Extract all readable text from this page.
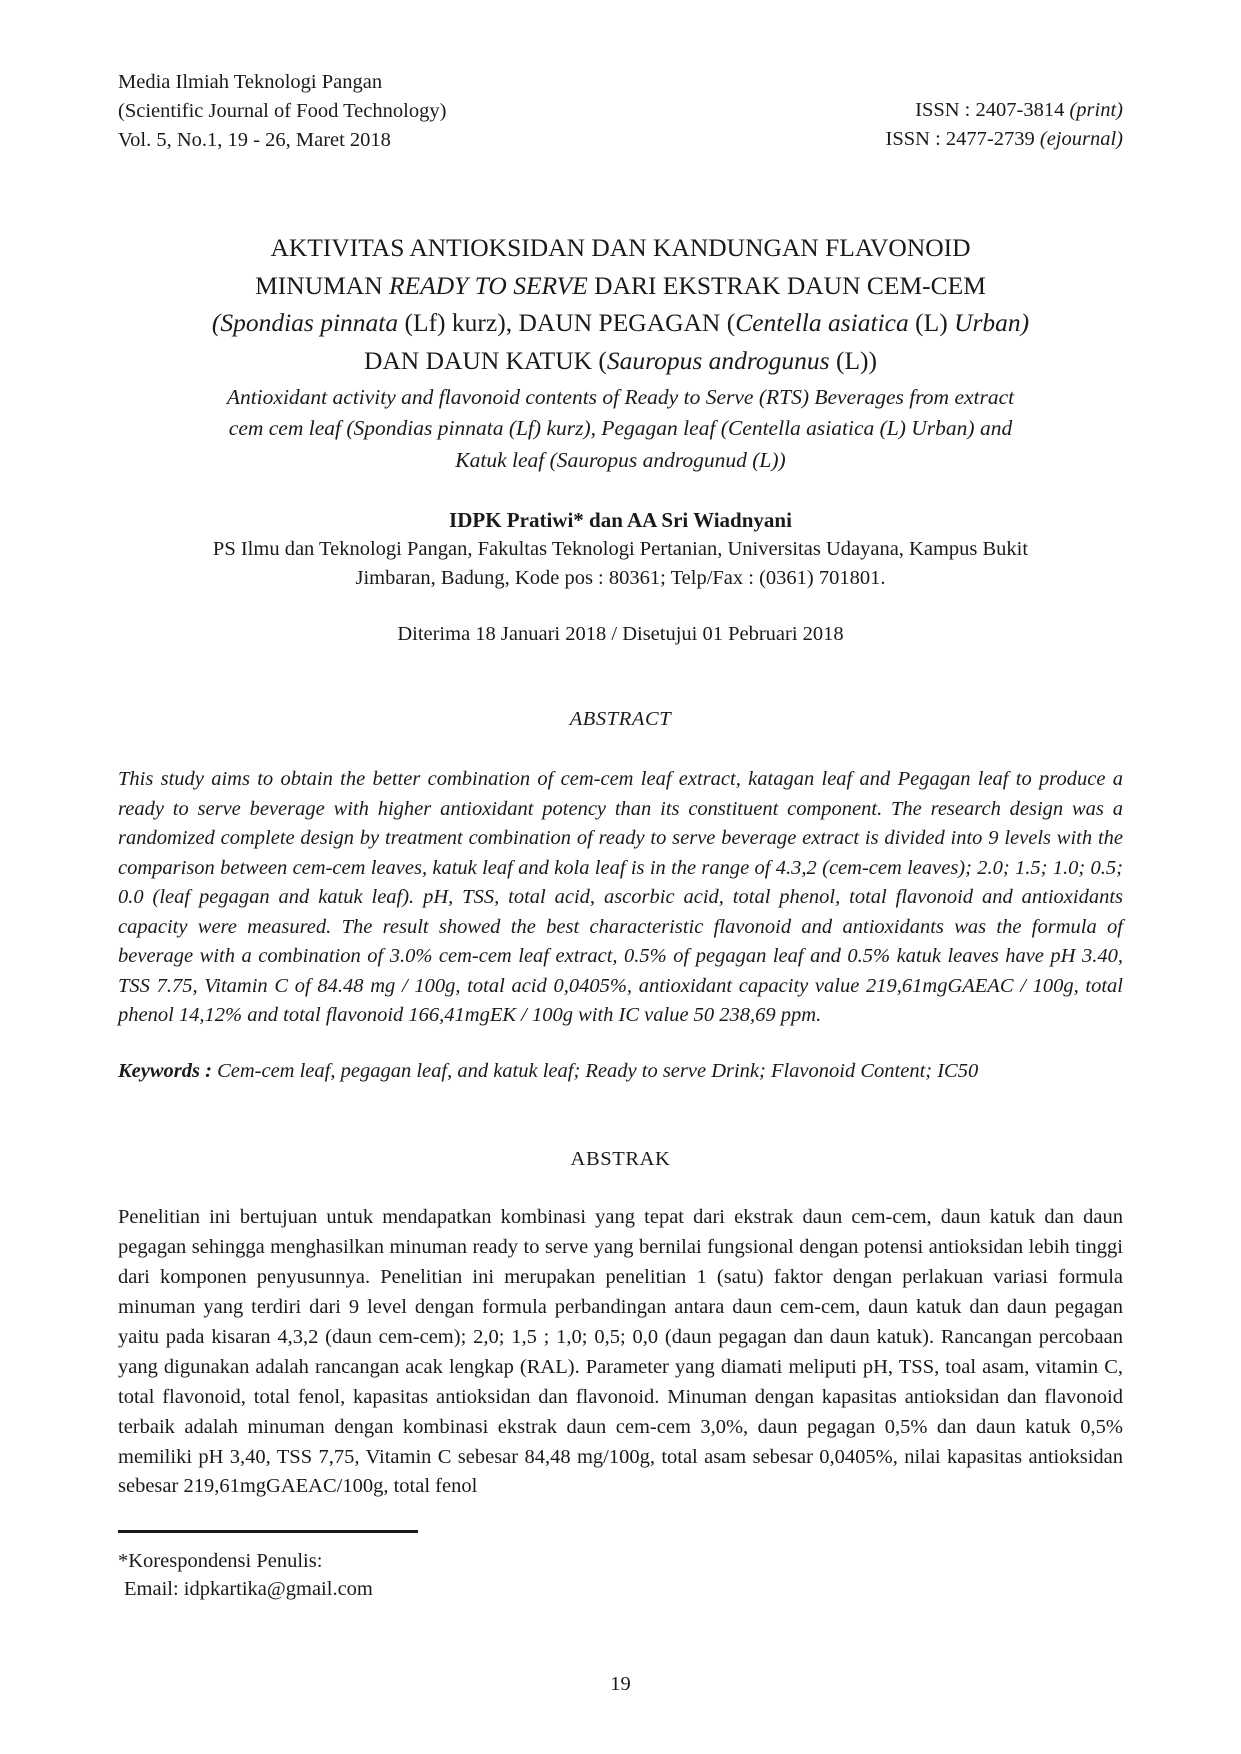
Media Ilmiah Teknologi Pangan
(Scientific Journal of Food Technology)
Vol. 5, No.1, 19 - 26, Maret 2018
ISSN : 2407-3814 (print)
ISSN : 2477-2739 (ejournal)
AKTIVITAS ANTIOKSIDAN DAN KANDUNGAN FLAVONOID
MINUMAN READY TO SERVE DARI EKSTRAK DAUN CEM-CEM
(Spondias pinnata (Lf) kurz), DAUN PEGAGAN (Centella asiatica (L) Urban)
DAN DAUN KATUK (Sauropus androgunus (L))
Antioxidant activity and flavonoid contents of Ready to Serve (RTS) Beverages from extract
cem cem leaf (Spondias pinnata (Lf) kurz), Pegagan leaf (Centella asiatica (L) Urban) and
Katuk leaf (Sauropus androgunud (L))
IDPK Pratiwi* dan AA Sri Wiadnyani
PS Ilmu dan Teknologi Pangan, Fakultas Teknologi Pertanian, Universitas Udayana, Kampus Bukit
Jimbaran, Badung, Kode pos : 80361; Telp/Fax : (0361) 701801.
Diterima 18 Januari 2018 / Disetujui 01 Pebruari 2018
ABSTRACT
This study aims to obtain the better combination of cem-cem leaf extract, katagan leaf and Pegagan leaf to produce a ready to serve beverage with higher antioxidant potency than its constituent component. The research design was a randomized complete design by treatment combination of ready to serve beverage extract is divided into 9 levels with the comparison between cem-cem leaves, katuk leaf and kola leaf is in the range of 4.3,2 (cem-cem leaves); 2.0; 1.5; 1.0; 0.5; 0.0 (leaf pegagan and katuk leaf). pH, TSS, total acid, ascorbic acid, total phenol, total flavonoid and antioxidants capacity were measured. The result showed the best characteristic flavonoid and antioxidants was the formula of beverage with a combination of 3.0% cem-cem leaf extract, 0.5% of pegagan leaf and 0.5% katuk leaves have pH 3.40, TSS 7.75, Vitamin C of 84.48 mg / 100g, total acid 0,0405%, antioxidant capacity value 219,61mgGAEAC / 100g, total phenol 14,12% and total flavonoid 166,41mgEK / 100g with IC value 50 238,69 ppm.
Keywords : Cem-cem leaf, pegagan leaf, and katuk leaf; Ready to serve Drink; Flavonoid Content; IC50
ABSTRAK
Penelitian ini bertujuan untuk mendapatkan kombinasi yang tepat dari ekstrak daun cem-cem, daun katuk dan daun pegagan sehingga menghasilkan minuman ready to serve yang bernilai fungsional dengan potensi antioksidan lebih tinggi dari komponen penyusunnya. Penelitian ini merupakan penelitian 1 (satu) faktor dengan perlakuan variasi formula minuman yang terdiri dari 9 level dengan formula perbandingan antara daun cem-cem, daun katuk dan daun pegagan yaitu pada kisaran 4,3,2 (daun cem-cem); 2,0; 1,5 ; 1,0; 0,5; 0,0 (daun pegagan dan daun katuk). Rancangan percobaan yang digunakan adalah rancangan acak lengkap (RAL). Parameter yang diamati meliputi pH, TSS, toal asam, vitamin C, total flavonoid, total fenol, kapasitas antioksidan dan flavonoid. Minuman dengan kapasitas antioksidan dan flavonoid terbaik adalah minuman dengan kombinasi ekstrak daun cem-cem 3,0%, daun pegagan 0,5% dan daun katuk 0,5% memiliki pH 3,40, TSS 7,75, Vitamin C sebesar 84,48 mg/100g, total asam sebesar 0,0405%, nilai kapasitas antioksidan sebesar 219,61mgGAEAC/100g, total fenol
*Korespondensi Penulis:
Email: idpkartika@gmail.com
19
